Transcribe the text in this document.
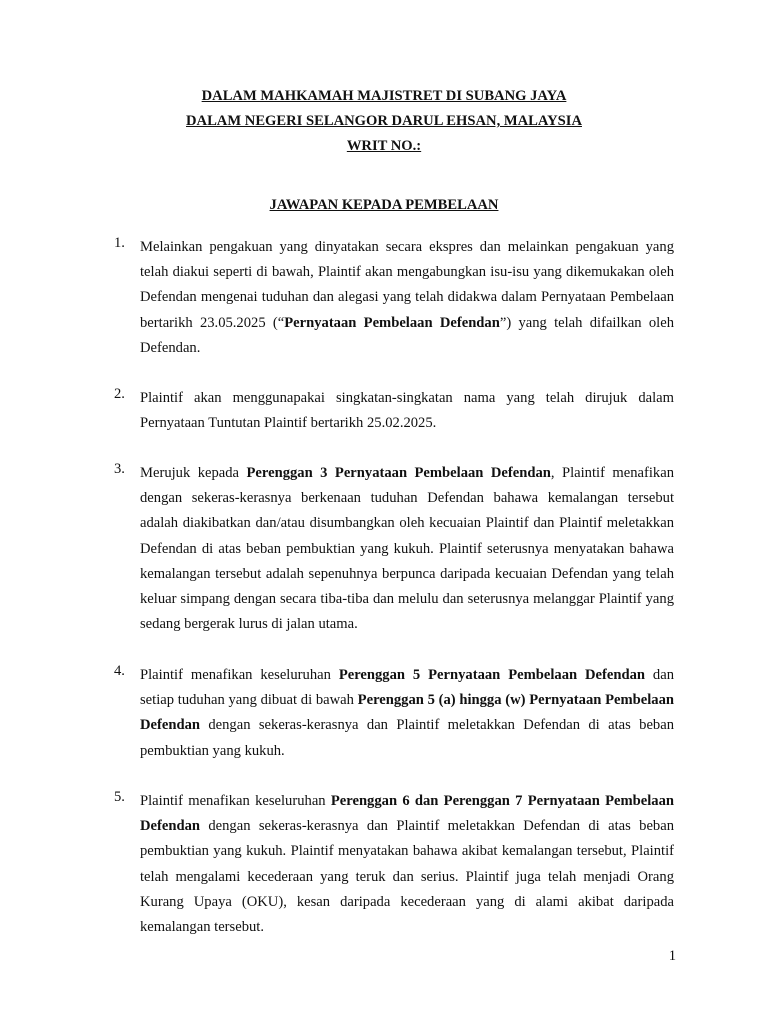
DALAM MAHKAMAH MAJISTRET DI SUBANG JAYA
DALAM NEGERI SELANGOR DARUL EHSAN, MALAYSIA
WRIT NO.:
JAWAPAN KEPADA PEMBELAAN
1. Melainkan pengakuan yang dinyatakan secara ekspres dan melainkan pengakuan yang telah diakui seperti di bawah, Plaintif akan mengabungkan isu-isu yang dikemukakan oleh Defendan mengenai tuduhan dan alegasi yang telah didakwa dalam Pernyataan Pembelaan bertarikh 23.05.2025 (“Pernyataan Pembelaan Defendan”) yang telah difailkan oleh Defendan.
2. Plaintif akan menggunapakai singkatan-singkatan nama yang telah dirujuk dalam Pernyataan Tuntutan Plaintif bertarikh 25.02.2025.
3. Merujuk kepada Perenggan 3 Pernyataan Pembelaan Defendan, Plaintif menafikan dengan sekeras-kerasnya berkenaan tuduhan Defendan bahawa kemalangan tersebut adalah diakibatkan dan/atau disumbangkan oleh kecuaian Plaintif dan Plaintif meletakkan Defendan di atas beban pembuktian yang kukuh. Plaintif seterusnya menyatakan bahawa kemalangan tersebut adalah sepenuhnya berpunca daripada kecuaian Defendan yang telah keluar simpang dengan secara tiba-tiba dan melulu dan seterusnya melanggar Plaintif yang sedang bergerak lurus di jalan utama.
4. Plaintif menafikan keseluruhan Perenggan 5 Pernyataan Pembelaan Defendan dan setiap tuduhan yang dibuat di bawah Perenggan 5 (a) hingga (w) Pernyataan Pembelaan Defendan dengan sekeras-kerasnya dan Plaintif meletakkan Defendan di atas beban pembuktian yang kukuh.
5. Plaintif menafikan keseluruhan Perenggan 6 dan Perenggan 7 Pernyataan Pembelaan Defendan dengan sekeras-kerasnya dan Plaintif meletakkan Defendan di atas beban pembuktian yang kukuh. Plaintif menyatakan bahawa akibat kemalangan tersebut, Plaintif telah mengalami kecederaan yang teruk dan serius. Plaintif juga telah menjadi Orang Kurang Upaya (OKU), kesan daripada kecederaan yang di alami akibat daripada kemalangan tersebut.
1
